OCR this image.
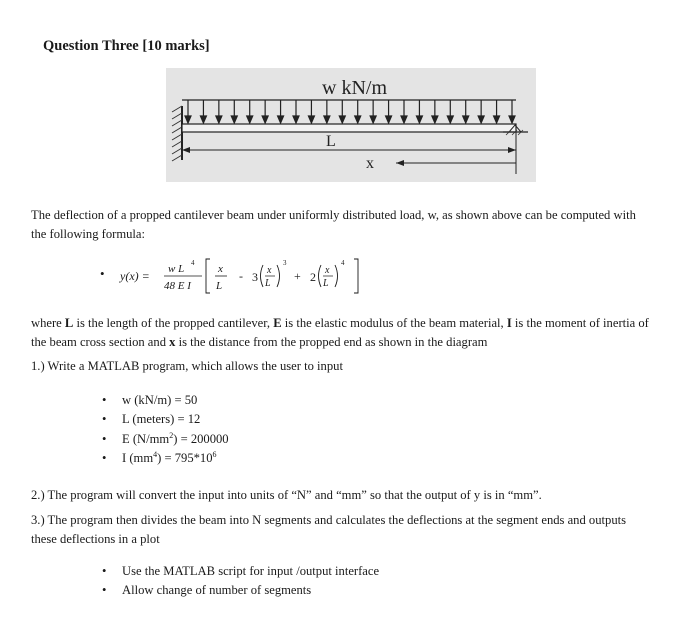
Question Three [10 marks]
w kN/m
L
x
The deflection of a propped cantilever beam under uniformly distributed load, w, as shown above can be computed with
the following formula:
• y(x) = w L 4
48 E I
x
L
- 3 x
L
3
+ 2 x
L
4
where L is the length of the propped cantilever, E is the elastic modulus of the beam material, I is the moment of inertia of
the beam cross section and x is the distance from the propped end as shown in the diagram
1.) Write a MATLAB program, which allows the user to input
• w (kN/m) = 50
• L (meters) = 12
• E $(N/mm^2) = 200000$
• I $(mm^4) = 795*10^6$
2.) The program will convert the input into units of “N” and “mm” so that the output of y is in “mm”.
3.) The program then divides the beam into N segments and calculates the deflections at the segment ends and outputs
these deflections in a plot
• Use the MATLAB script for input /output interface
• Allow change of number of segments
